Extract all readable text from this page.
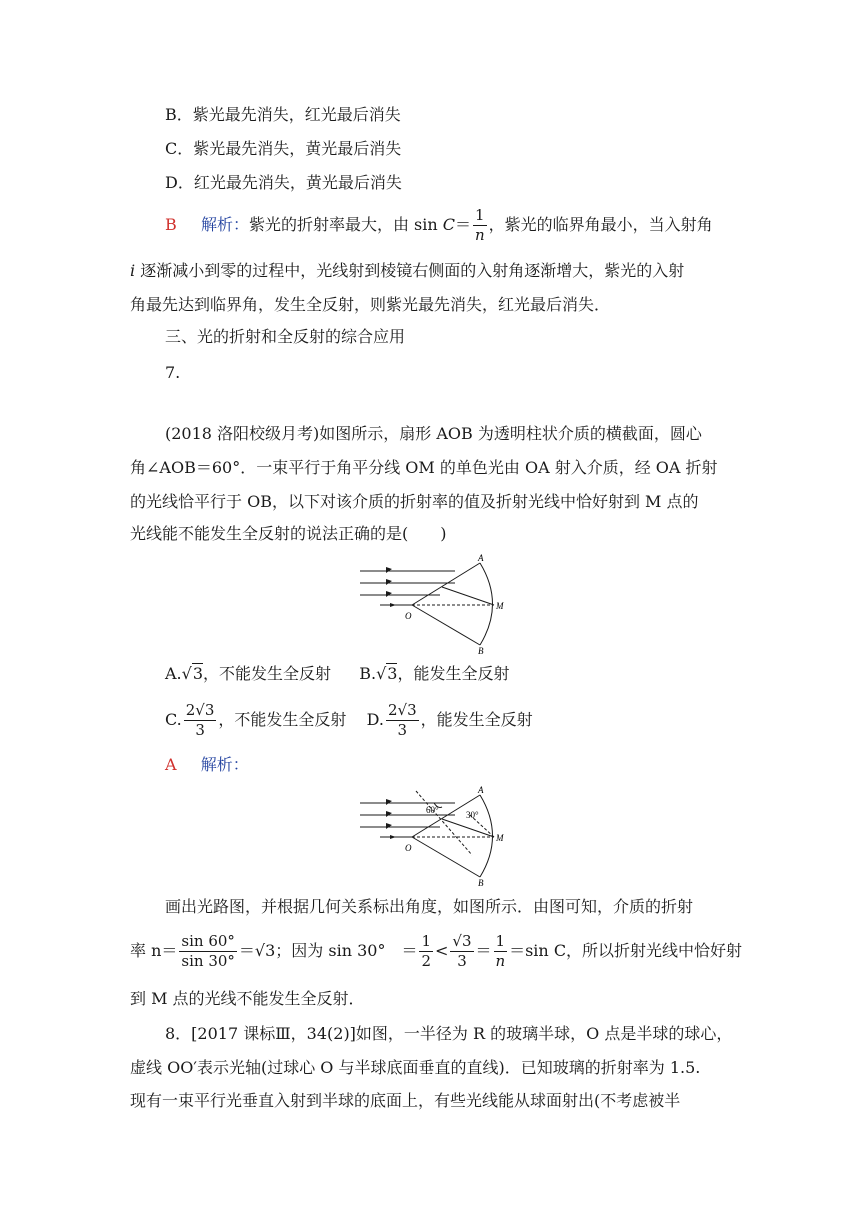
B．紫光最先消失，红光最后消失
C．紫光最先消失，黄光最后消失
D．红光最先消失，黄光最后消失
B 解析：紫光的折射率最大，由 $\sin C= \frac{1}{n}$ ，紫光的临界角最小，当入射角
i 逐渐减小到零的过程中，光线射到棱镜右侧面的入射角逐渐增大，紫光的入射
角最先达到临界角，发生全反射，则紫光最先消失，红光最后消失．
三、光的折射和全反射的综合应用
7.
(2018 洛阳校级月考)如图所示，扇形 AOB 为透明柱状介质的横截面，圆心
角∠AOB＝60°．一束平行于角平分线 OM 的单色光由 OA 射入介质，经 OA 折射
的光线恰平行于 OB，以下对该介质的折射率的值及折射光线中恰好射到 M 点的
光线能不能发生全反射的说法正确的是(　　)
A
B
O
M
A.√3，不能发生全反射 B.√3，能发生全反射
C. $\frac{2√3}{3}$ ，不能发生全反射 D. $\frac{2√3}{3}$ ，能发生全反射
A 解析：
60°	30°
A
B
O
M
画出光路图，并根据几何关系标出角度，如图所示．由图可知，介质的折射
率 $n= \frac{\sin 60^\circ}{\sin 30^\circ} =√3$；因为 sin 30°　＝ $\frac{1}{2} < \frac{√3}{3} = \frac{1}{n} =\sin$ C，所以折射光线中恰好射
到 M 点的光线不能发生全反射．
8．[2017 课标Ⅲ，34(2)]如图，一半径为 R 的玻璃半球，O 点是半球的球心，
虚线 OO′表示光轴(过球心 O 与半球底面垂直的直线)．已知玻璃的折射率为 1.5.
现有一束平行光垂直入射到半球的底面上，有些光线能从球面射出(不考虑被半
